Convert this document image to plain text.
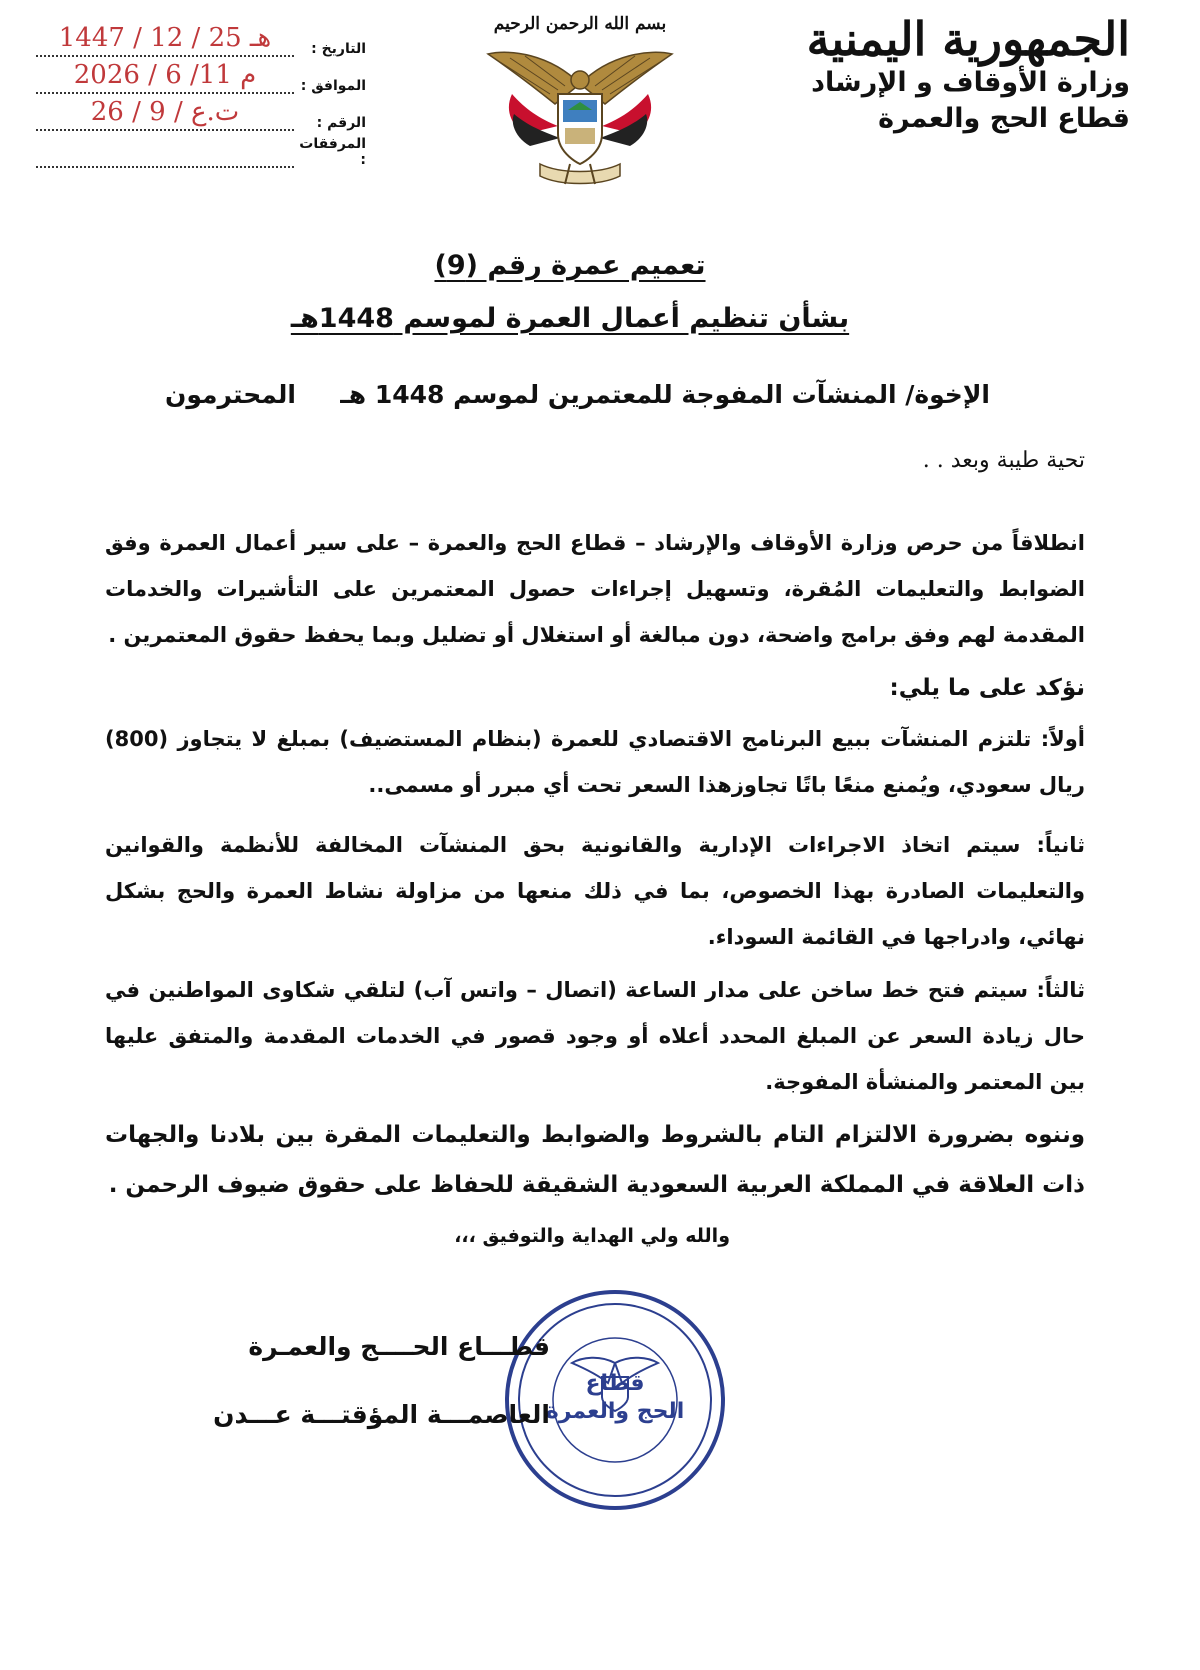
الجمهورية اليمنية
وزارة الأوقاف و الإرشاد
قطاع الحج والعمرة
بسم الله الرحمن الرحيم
التاريخ :
1447 / 12 / 25 هـ
الموافق :
2026 / 6 /11 م
الرقم :
ت.ع / 9 / 26
المرفقات :
تعميم عمرة رقم (9)
بشأن تنظيم أعمال العمرة لموسم 1448هـ
الإخوة/ المنشآت المفوجة للمعتمرين لموسم 1448 هـ
المحترمون
تحية طيبة وبعد . .
انطلاقاً من حرص وزارة الأوقاف والإرشاد – قطاع الحج والعمرة – على سير أعمال العمرة وفق الضوابط والتعليمات المُقرة، وتسهيل إجراءات حصول المعتمرين على التأشيرات والخدمات المقدمة لهم وفق برامج واضحة، دون مبالغة أو استغلال أو تضليل وبما يحفظ حقوق المعتمرين .
نؤكد على ما يلي:
أولاً: تلتزم المنشآت ببيع البرنامج الاقتصادي للعمرة (بنظام المستضيف) بمبلغ لا يتجاوز (800) ريال سعودي، ويُمنع منعًا باتًا تجاوزهذا السعر تحت أي مبرر أو مسمى..
ثانياً: سيتم اتخاذ الاجراءات الإدارية والقانونية بحق المنشآت المخالفة للأنظمة والقوانين والتعليمات الصادرة بهذا الخصوص، بما في ذلك منعها من مزاولة نشاط العمرة والحج بشكل نهائي، وادراجها في القائمة السوداء.
ثالثاً: سيتم فتح خط ساخن على مدار الساعة (اتصال – واتس آب) لتلقي شكاوى المواطنين في حال زيادة السعر عن المبلغ المحدد أعلاه أو وجود قصور في الخدمات المقدمة والمتفق عليها بين المعتمر والمنشأة المفوجة.
وننوه بضرورة الالتزام التام بالشروط والضوابط والتعليمات المقرة بين بلادنا والجهات ذات العلاقة في المملكة العربية السعودية الشقيقة للحفاظ على حقوق ضيوف الرحمن .
والله ولي الهداية والتوفيق ،،،
قطاع
الحج والعمرة
قطـــاع الحــــج والعمـرة
العاصمـــة المؤقتـــة عـــدن
